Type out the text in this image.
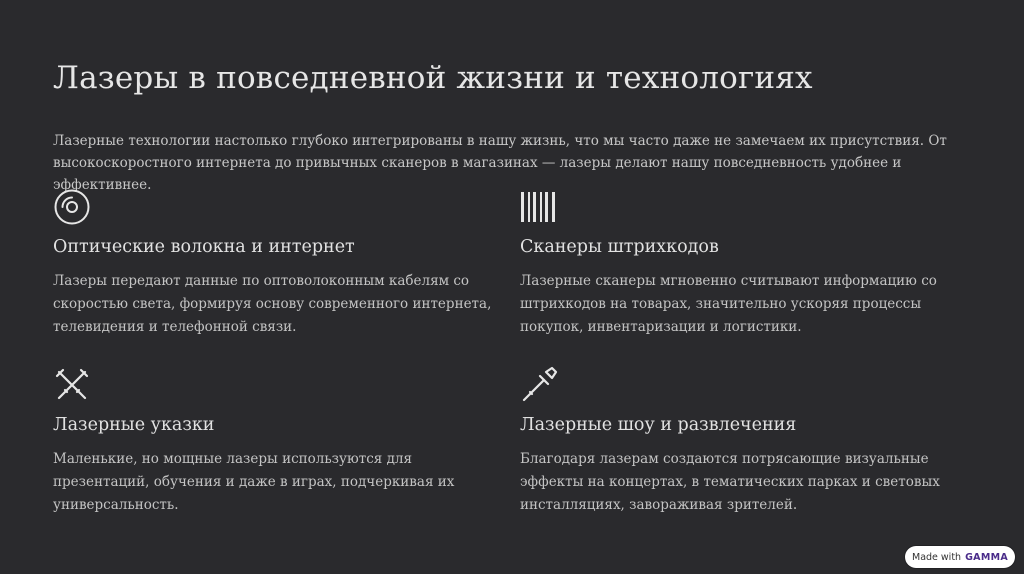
Лазеры в повседневной жизни и технологиях

Лазерные технологии настолько глубоко интегрированы в нашу жизнь, что мы часто даже не замечаем их присутствия. От высокоскоростного интернета до привычных сканеров в магазинах — лазеры делают нашу повседневность удобнее и эффективнее.

Оптические волокна и интернет

Лазеры передают данные по оптоволоконным кабелям со скоростью света, формируя основу современного интернета, телевидения и телефонной связи.

Сканеры штрихкодов

Лазерные сканеры мгновенно считывают информацию со штрихкодов на товарах, значительно ускоряя процессы покупок, инвентаризации и логистики.

Лазерные указки

Маленькие, но мощные лазеры используются для презентаций, обучения и даже в играх, подчеркивая их универсальность.

Лазерные шоу и развлечения

Благодаря лазерам создаются потрясающие визуальные эффекты на концертах, в тематических парках и световых инсталляциях, завораживая зрителей.

Made with GAMMA
